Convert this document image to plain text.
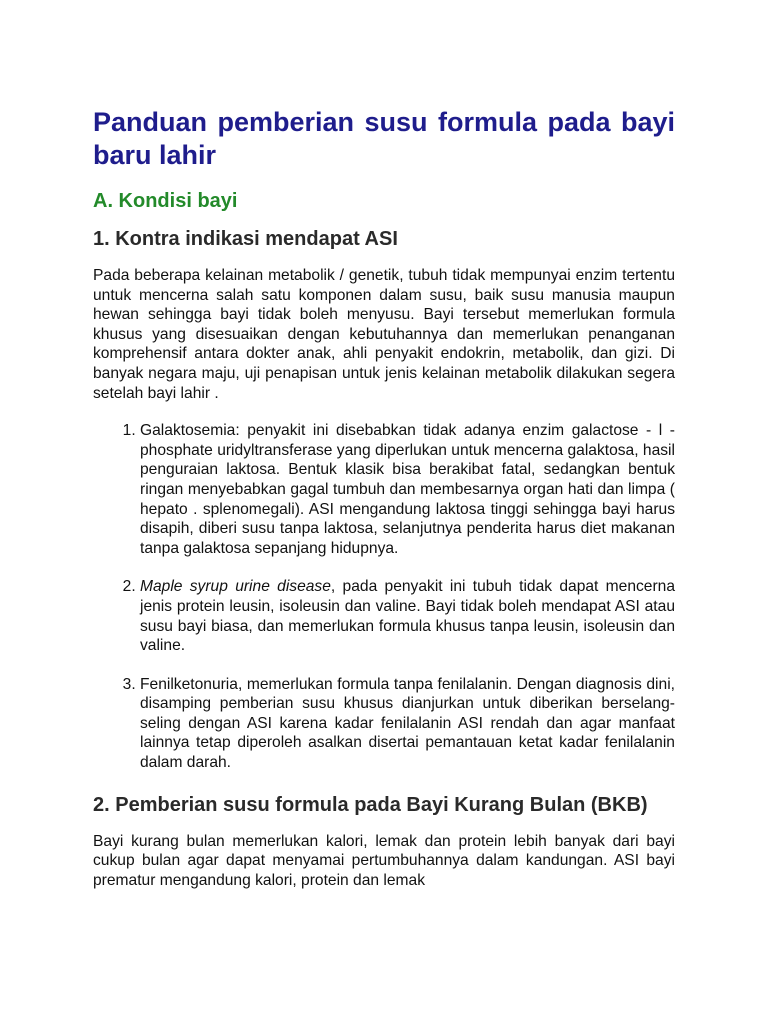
Panduan pemberian susu formula pada bayi baru lahir
A. Kondisi bayi
1. Kontra indikasi mendapat ASI

Pada beberapa kelainan metabolik / genetik, tubuh tidak mempunyai enzim tertentu untuk mencerna salah satu komponen dalam susu, baik susu manusia maupun hewan sehingga bayi tidak boleh menyusu. Bayi tersebut memerlukan formula khusus yang disesuaikan dengan kebutuhannya dan memerlukan penanganan komprehensif antara dokter anak, ahli penyakit endokrin, metabolik, dan gizi. Di banyak negara maju, uji penapisan untuk jenis kelainan metabolik dilakukan segera setelah bayi lahir .

1. Galaktosemia: penyakit ini disebabkan tidak adanya enzim galactose - l -phosphate uridyltransferase yang diperlukan untuk mencerna galaktosa, hasil penguraian laktosa. Bentuk klasik bisa berakibat fatal, sedangkan bentuk ringan menyebabkan gagal tumbuh dan membesarnya organ hati dan limpa ( hepato . splenomegali). ASI mengandung laktosa tinggi sehingga bayi harus disapih, diberi susu tanpa laktosa, selanjutnya penderita harus diet makanan tanpa galaktosa sepanjang hidupnya.
2. Maple syrup urine disease, pada penyakit ini tubuh tidak dapat mencerna jenis protein leusin, isoleusin dan valine. Bayi tidak boleh mendapat ASI atau susu bayi biasa, dan memerlukan formula khusus tanpa leusin, isoleusin dan valine.
3. Fenilketonuria, memerlukan formula tanpa fenilalanin. Dengan diagnosis dini, disamping pemberian susu khusus dianjurkan untuk diberikan berselang-seling dengan ASI karena kadar fenilalanin ASI rendah dan agar manfaat lainnya tetap diperoleh asalkan disertai pemantauan ketat kadar fenilalanin dalam darah.
2. Pemberian susu formula pada Bayi Kurang Bulan (BKB)

Bayi kurang bulan memerlukan kalori, lemak dan protein lebih banyak dari bayi cukup bulan agar dapat menyamai pertumbuhannya dalam kandungan. ASI bayi prematur mengandung kalori, protein dan lemak
